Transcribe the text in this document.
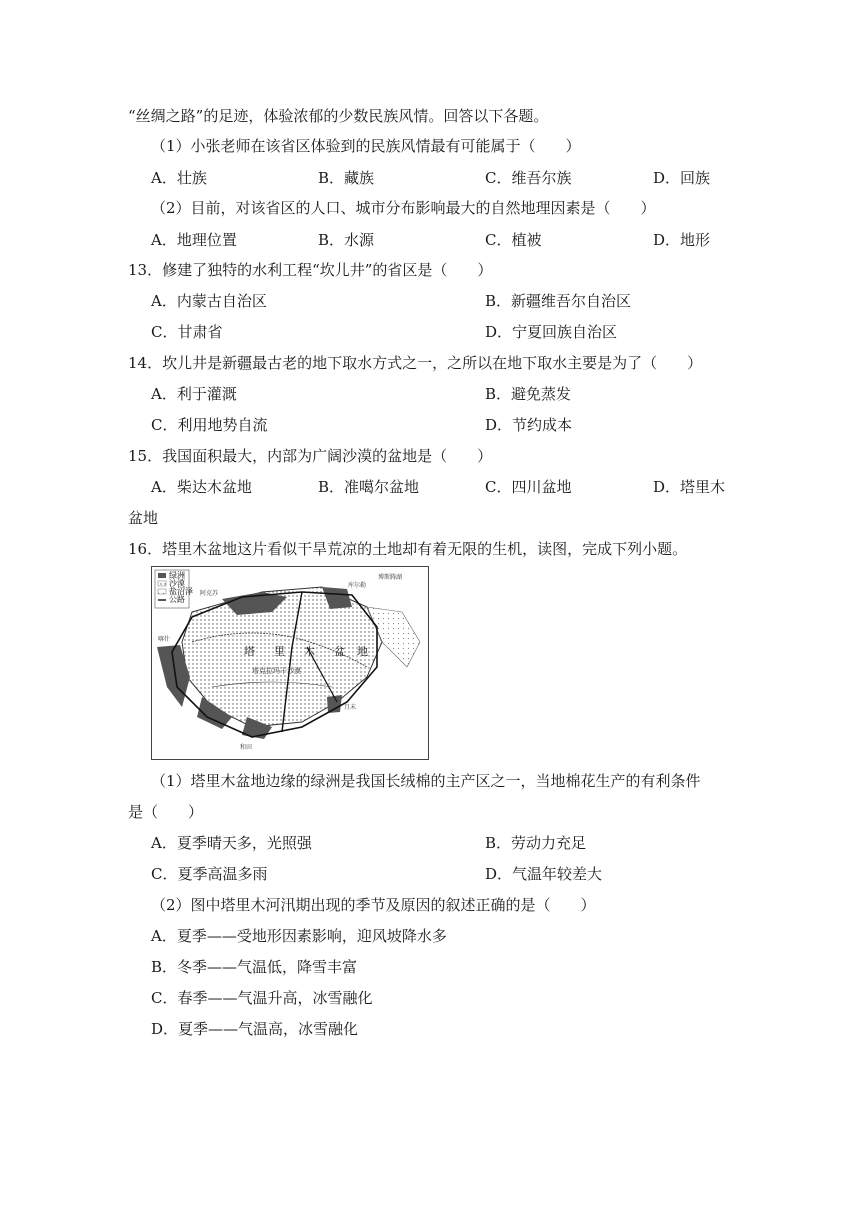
“丝绸之路”的足迹，体验浓郁的少数民族风情。回答以下各题。
（1）小张老师在该省区体验到的民族风情最有可能属于（　　）
A．壮族	B．藏族	C．维吾尔族	D．回族
（2）目前，对该省区的人口、城市分布影响最大的自然地理因素是（　　）
A．地理位置	B．水源	C．植被	D．地形
13．修建了独特的水利工程“坎儿井”的省区是（　　）
A．内蒙古自治区	B．新疆维吾尔自治区
C．甘肃省	D．宁夏回族自治区
14．坎儿井是新疆最古老的地下取水方式之一，之所以在地下取水主要是为了（　　）
A．利于灌溉	B．避免蒸发
C．利用地势自流	D．节约成本
15．我国面积最大，内部为广阔沙漠的盆地是（　　）
A．柴达木盆地	B．准噶尔盆地	C．四川盆地	D．塔里木
盆地
16．塔里木盆地这片看似干旱荒凉的土地却有着无限的生机，读图，完成下列小题。
绿洲
沙漠
盐沼泽
公路
塔 里 木 盆 地
塔克拉玛干沙漠
喀什
和田
且末
库尔勒
阿克苏
博斯腾湖
（1）塔里木盆地边缘的绿洲是我国长绒棉的主产区之一，当地棉花生产的有利条件
是（　　）
A．夏季晴天多，光照强	B．劳动力充足
C．夏季高温多雨	D．气温年较差大
（2）图中塔里木河汛期出现的季节及原因的叙述正确的是（　　）
A．夏季——受地形因素影响，迎风坡降水多
B．冬季——气温低，降雪丰富
C．春季——气温升高，冰雪融化
D．夏季——气温高，冰雪融化
